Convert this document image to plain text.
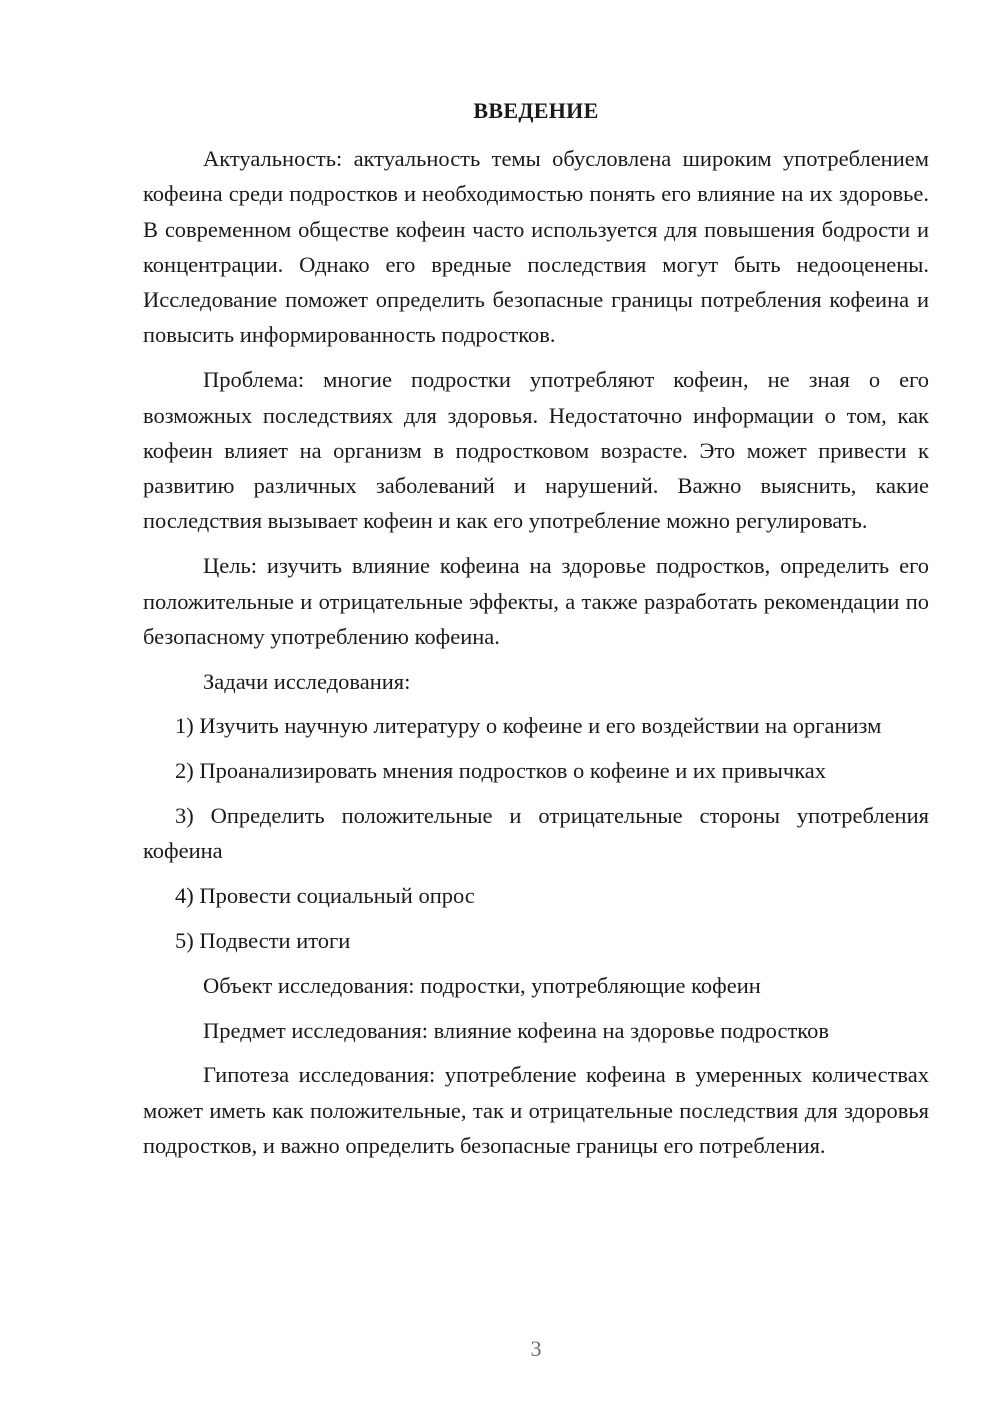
ВВЕДЕНИЕ

Актуальность: актуальность темы обусловлена широким употреблением кофеина среди подростков и необходимостью понять его влияние на их здоровье. В современном обществе кофеин часто используется для повышения бодрости и концентрации. Однако его вредные последствия могут быть недооценены. Исследование поможет определить безопасные границы потребления кофеина и повысить информированность подростков.

Проблема: многие подростки употребляют кофеин, не зная о его возможных последствиях для здоровья. Недостаточно информации о том, как кофеин влияет на организм в подростковом возрасте. Это может привести к развитию различных заболеваний и нарушений. Важно выяснить, какие последствия вызывает кофеин и как его употребление можно регулировать.

Цель: изучить влияние кофеина на здоровье подростков, определить его положительные и отрицательные эффекты, а также разработать рекомендации по безопасному употреблению кофеина.

Задачи исследования:

1) Изучить научную литературу о кофеине и его воздействии на организм

2) Проанализировать мнения подростков о кофеине и их привычках

3) Определить положительные и отрицательные стороны употребления кофеина

4) Провести социальный опрос

5) Подвести итоги

Объект исследования: подростки, употребляющие кофеин

Предмет исследования: влияние кофеина на здоровье подростков

Гипотеза исследования: употребление кофеина в умеренных количествах может иметь как положительные, так и отрицательные последствия для здоровья подростков, и важно определить безопасные границы его потребления.

3
